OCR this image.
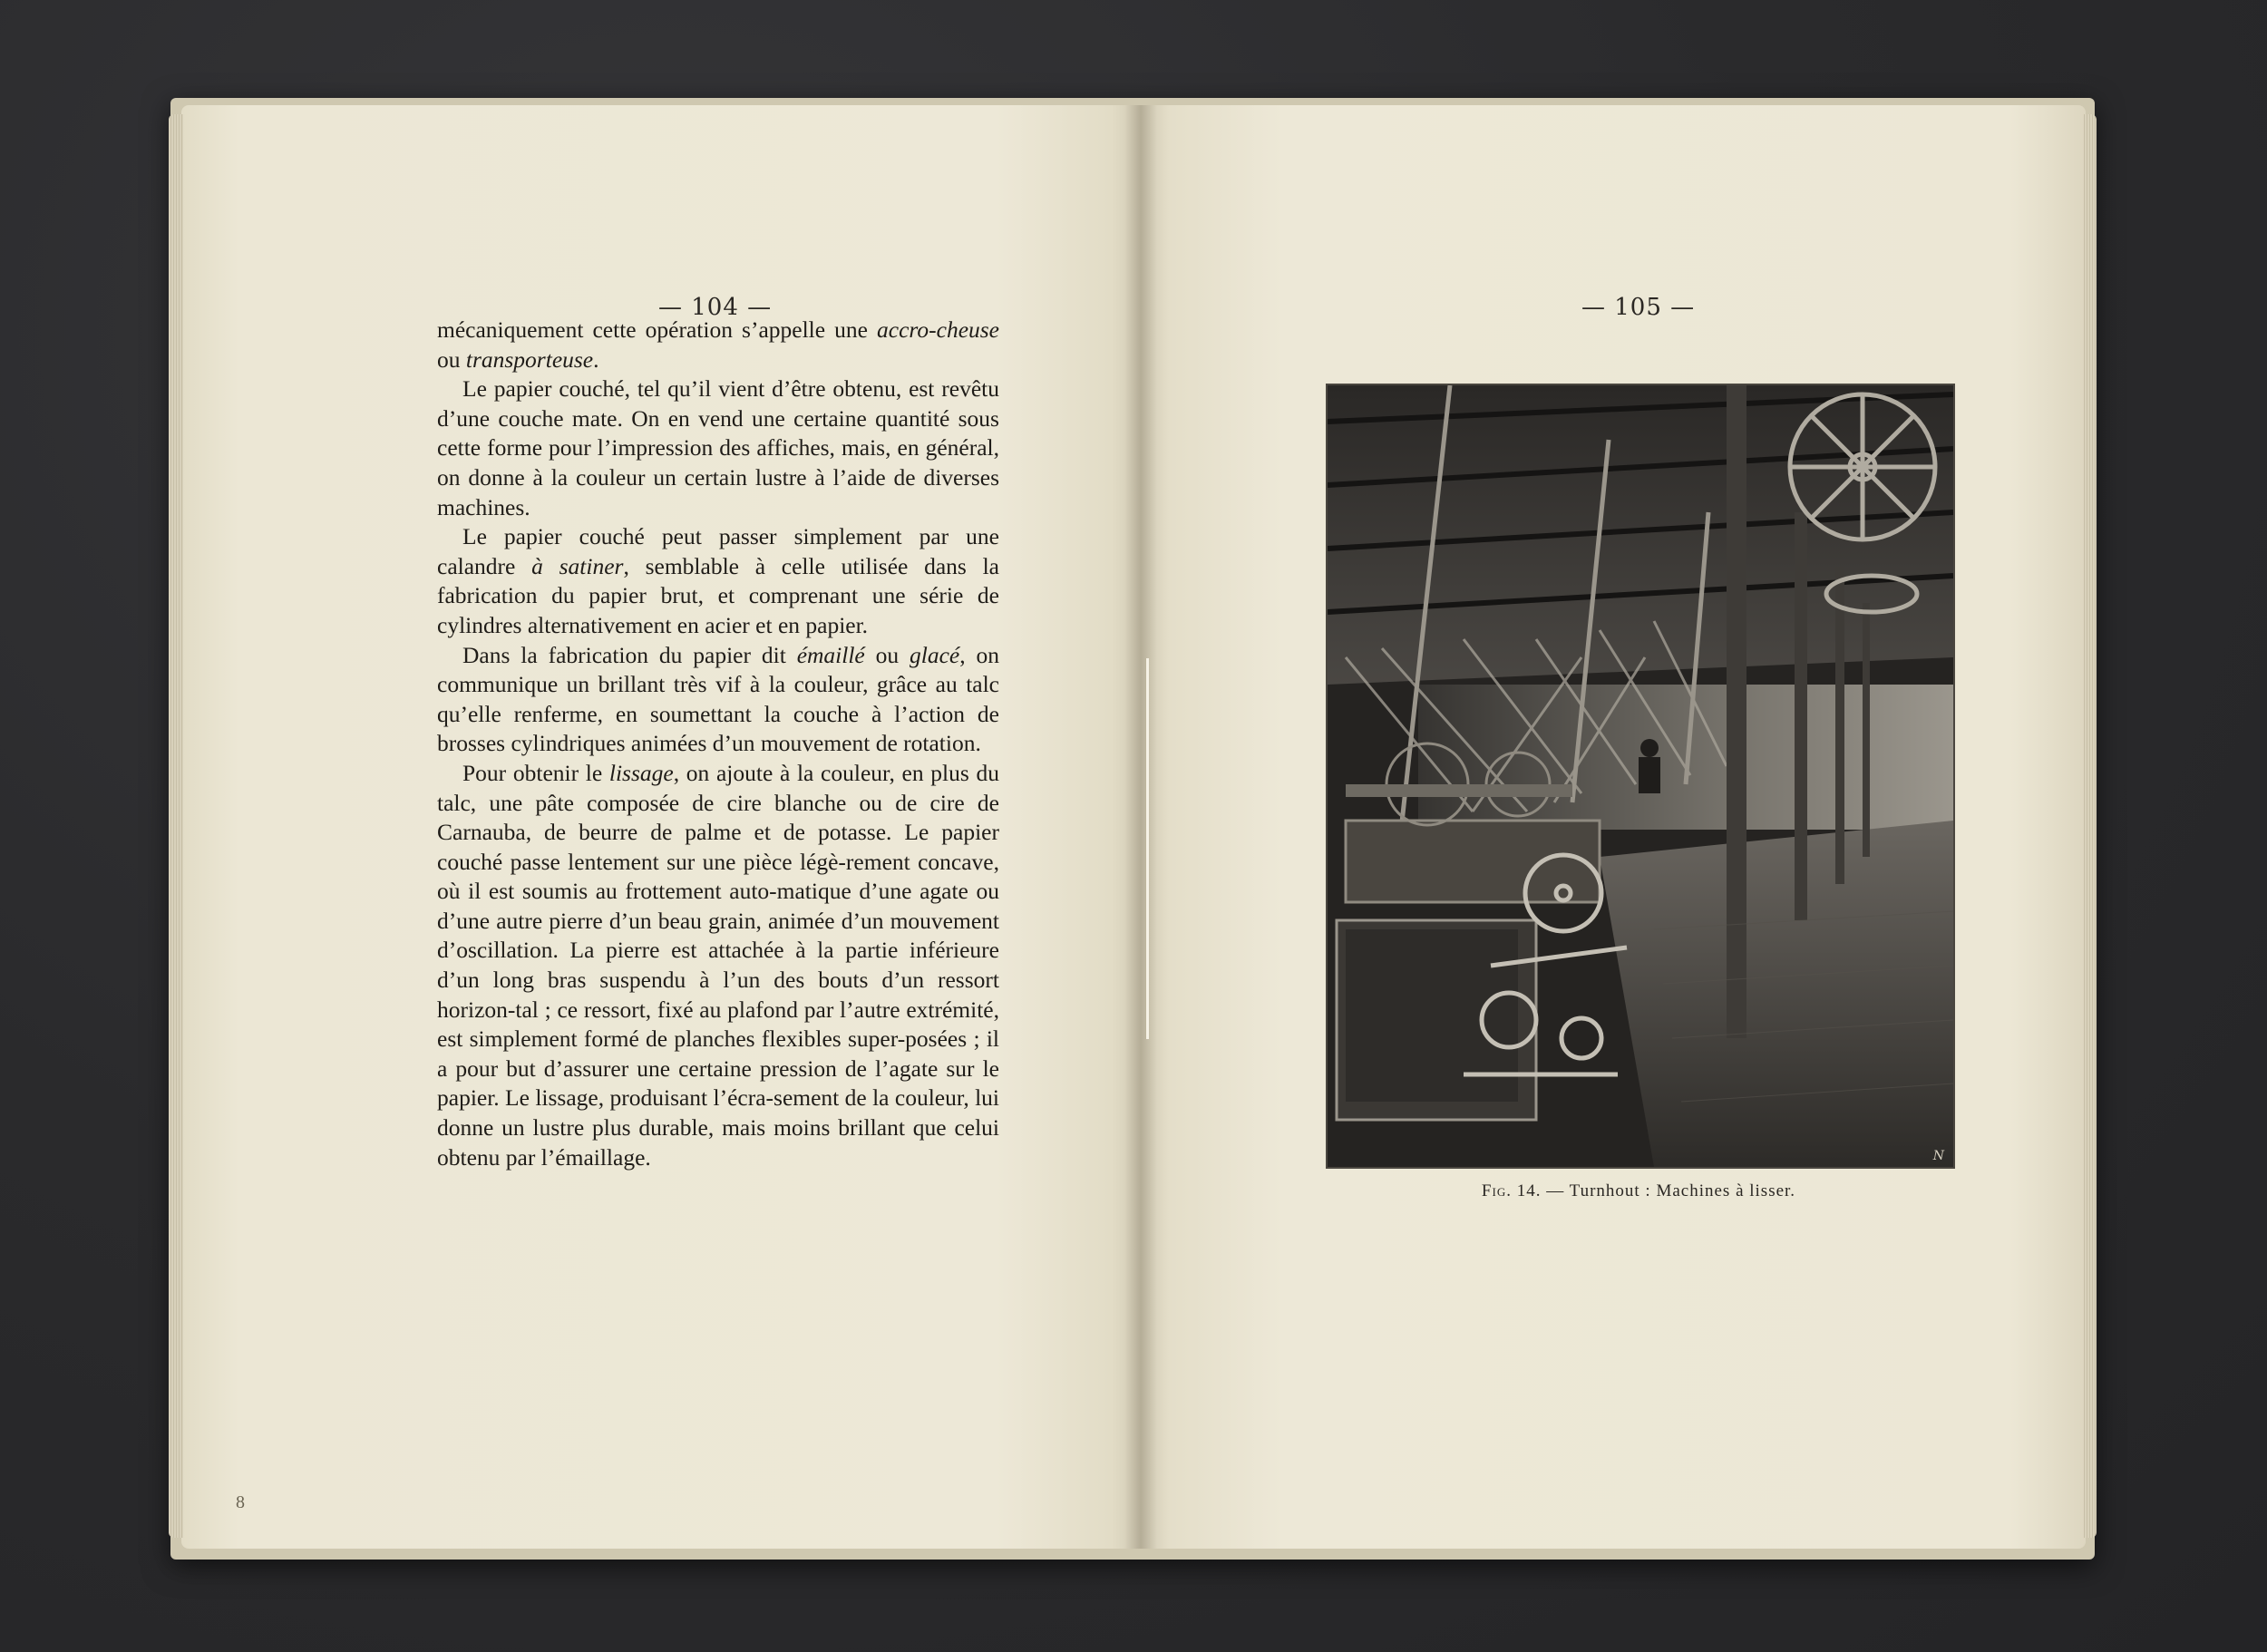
— 104 —

mécaniquement cette opération s’appelle une accro-cheuse ou transporteuse.

Le papier couché, tel qu’il vient d’être obtenu, est revêtu d’une couche mate. On en vend une certaine quantité sous cette forme pour l’impression des affiches, mais, en général, on donne à la couleur un certain lustre à l’aide de diverses machines.

Le papier couché peut passer simplement par une calandre à satiner, semblable à celle utilisée dans la fabrication du papier brut, et comprenant une série de cylindres alternativement en acier et en papier.

Dans la fabrication du papier dit émaillé ou glacé, on communique un brillant très vif à la couleur, grâce au talc qu’elle renferme, en soumettant la couche à l’action de brosses cylindriques animées d’un mouvement de rotation.

Pour obtenir le lissage, on ajoute à la couleur, en plus du talc, une pâte composée de cire blanche ou de cire de Carnauba, de beurre de palme et de potasse. Le papier couché passe lentement sur une pièce légè-rement concave, où il est soumis au frottement auto-matique d’une agate ou d’une autre pierre d’un beau grain, animée d’un mouvement d’oscillation. La pierre est attachée à la partie inférieure d’un long bras suspendu à l’un des bouts d’un ressort horizon-tal ; ce ressort, fixé au plafond par l’autre extrémité, est simplement formé de planches flexibles super-posées ; il a pour but d’assurer une certaine pression de l’agate sur le papier. Le lissage, produisant l’écra-sement de la couleur, lui donne un lustre plus durable, mais moins brillant que celui obtenu par l’émaillage.

8
— 105 —
N
Fig. 14. — Turnhout : Machines à lisser.
